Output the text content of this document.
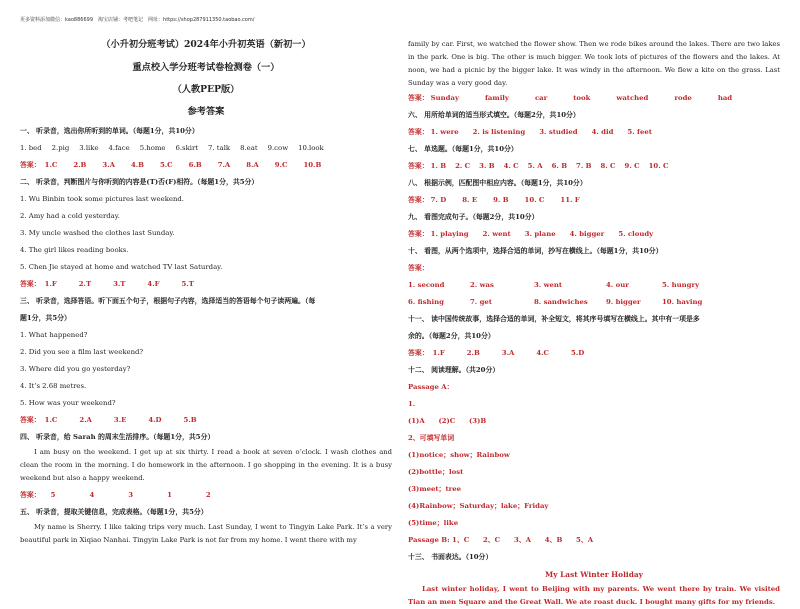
更多资料添加微信：kao886699　淘宝店铺：考吧笔记　网址：https://shop287911350.taobao.com/
（小升初分班考试）2024年小升初英语（新初一）
重点校入学分班考试卷检测卷（一）
（人教PEP版）
参考答案
一、 听录音，选出你所听到的单词。（每题1分，共10分）
1. bed 2.pig 3.like 4.face 5.home 6.skirt 7. talk 8.eat 9.cow 10.look
答案： 1.C 2.B 3.A 4.B 5.C 6.B 7.A 8.A 9.C 10.B
二、 听录音，判断图片与你听到的内容是(T)否(F)相符。（每题1分，共5分）
1. Wu Binbin took some pictures last weekend.
2. Amy had a cold yesterday.
3. My uncle washed the clothes last Sunday.
4. The girl likes reading books.
5. Chen Jie stayed at home and watched TV last Saturday.
答案： 1.F	2.T	3.T	4.F	5.T
三、 听录音，选择答语。听下面五个句子，根据句子内容，选择适当的答语每个句子读两遍。（每
题1分，共5分）
1. What happened?
2. Did you see a film last weekend?
3. Where did you go yesterday?
4. It’s 2.68 metres.
5. How was your weekend?
答案： 1.C	2.A	3.E	4.D	5.B
四、 听录音，给 Sarah 的周末生活排序。（每题1分，共5分）
I am busy on the weekend. I get up at six thirty. I read a book at seven o’clock. I wash clothes and clean the room in the morning. I do homework in the afternoon. I go shopping in the evening. It is a busy weekend but also a happy weekend.
答案： 5	4	3	1	2
五、 听录音，提取关键信息，完成表格。（每题1分，共5分）
My name is Sherry. I like taking trips very much. Last Sunday, I went to Tingyin Lake Park. It’s a very beautiful park in Xiqiao Nanhai. Tingyin Lake Park is not far from my home. I went there with my
family by car. First, we watched the flower show. Then we rode bikes around the lakes. There are two lakes in the park. One is big. The other is much bigger. We took lots of pictures of the flowers and the lakes. At noon, we had a picnic by the bigger lake. It was windy in the afternoon. We flew a kite on the grass. Last Sunday was a very good day.
答案： Sunday	family	car	took	watched	rode	had
六、 用所给单词的适当形式填空。（每题2分，共10分）
答案： 1. were 2. is listening 3. studied 4. did 5. feet
七、 单选题。（每题1分，共10分）
答案： 1. B 2. C 3. B 4. C 5. A 6. B 7. B 8. C 9. C 10. C
八、 根据示例，匹配图中相应内容。（每题1分，共10分）
答案： 7. D 8. E 9. B 10. C 11. F
九、 看图完成句子。（每题2分，共10分）
答案： 1. playing 2. went 3. plane 4. bigger 5. cloudy
十、 看图，从两个选项中，选择合适的单词，抄写在横线上。（每题1分，共10分）
答案：
1. second	2. was	3. went	4. our	5. hungry
6. fishing	7. get	8. sandwiches	9. bigger	10. having
十一、 读中国传统故事，选择合适的单词，补全短文，将其序号填写在横线上。其中有一项是多
余的。（每题2分，共10分）
答案： 1.F	2.B	3.A	4.C	5.D
十二、 阅读理解。（共20分）
Passage A：
1.
(1)A　　(2)C　　(3)B
2、可填写单词
(1)notice；show；Rainbow
(2)bottle；lost
(3)meet；tree
(4)Rainbow；Saturday；lake；Friday
(5)time；like
Passage B: 1、C　　2、C　　3、A　　4、B　　5、A
十三、 书面表达。（10分）
My Last Winter Holiday
Last winter holiday, I went to Beijing with my parents. We went there by train. We visited Tian an men Square and the Great Wall. We ate roast duck. I bought many gifts for my friends.
